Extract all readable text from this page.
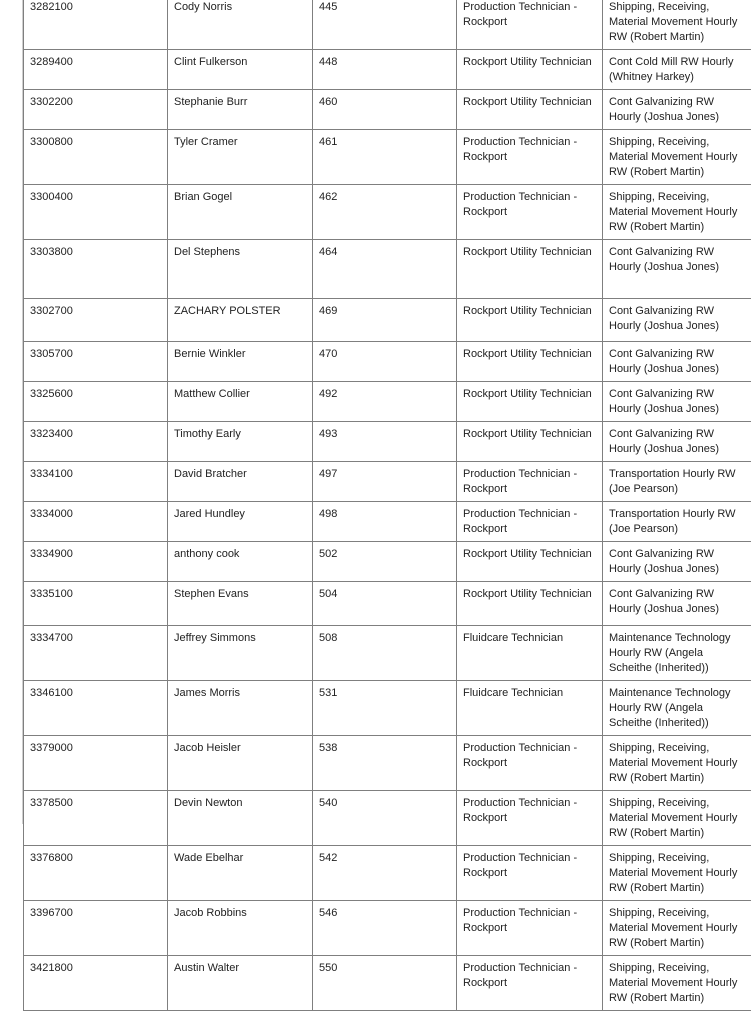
3282100	Cody Norris	445	Production Technician - Rockport	Shipping, Receiving, Material Movement Hourly RW (Robert Martin)
3289400	Clint Fulkerson	448	Rockport Utility Technician	Cont Cold Mill RW Hourly (Whitney Harkey)
3302200	Stephanie Burr	460	Rockport Utility Technician	Cont Galvanizing RW Hourly (Joshua Jones)
3300800	Tyler Cramer	461	Production Technician - Rockport	Shipping, Receiving, Material Movement Hourly RW (Robert Martin)
3300400	Brian Gogel	462	Production Technician - Rockport	Shipping, Receiving, Material Movement Hourly RW (Robert Martin)
3303800	Del Stephens	464	Rockport Utility Technician	Cont Galvanizing RW Hourly (Joshua Jones)
3302700	ZACHARY POLSTER	469	Rockport Utility Technician	Cont Galvanizing RW Hourly (Joshua Jones)
3305700	Bernie Winkler	470	Rockport Utility Technician	Cont Galvanizing RW Hourly (Joshua Jones)
3325600	Matthew Collier	492	Rockport Utility Technician	Cont Galvanizing RW Hourly (Joshua Jones)
3323400	Timothy Early	493	Rockport Utility Technician	Cont Galvanizing RW Hourly (Joshua Jones)
3334100	David Bratcher	497	Production Technician - Rockport	Transportation Hourly RW (Joe Pearson)
3334000	Jared Hundley	498	Production Technician - Rockport	Transportation Hourly RW (Joe Pearson)
3334900	anthony cook	502	Rockport Utility Technician	Cont Galvanizing RW Hourly (Joshua Jones)
3335100	Stephen Evans	504	Rockport Utility Technician	Cont Galvanizing RW Hourly (Joshua Jones)
3334700	Jeffrey Simmons	508	Fluidcare Technician	Maintenance Technology Hourly RW (Angela Scheithe (Inherited))
3346100	James Morris	531	Fluidcare Technician	Maintenance Technology Hourly RW (Angela Scheithe (Inherited))
3379000	Jacob Heisler	538	Production Technician - Rockport	Shipping, Receiving, Material Movement Hourly RW (Robert Martin)
3378500	Devin Newton	540	Production Technician - Rockport	Shipping, Receiving, Material Movement Hourly RW (Robert Martin)
3376800	Wade Ebelhar	542	Production Technician - Rockport	Shipping, Receiving, Material Movement Hourly RW (Robert Martin)
3396700	Jacob Robbins	546	Production Technician - Rockport	Shipping, Receiving, Material Movement Hourly RW (Robert Martin)
3421800	Austin Walter	550	Production Technician - Rockport	Shipping, Receiving, Material Movement Hourly RW (Robert Martin)
